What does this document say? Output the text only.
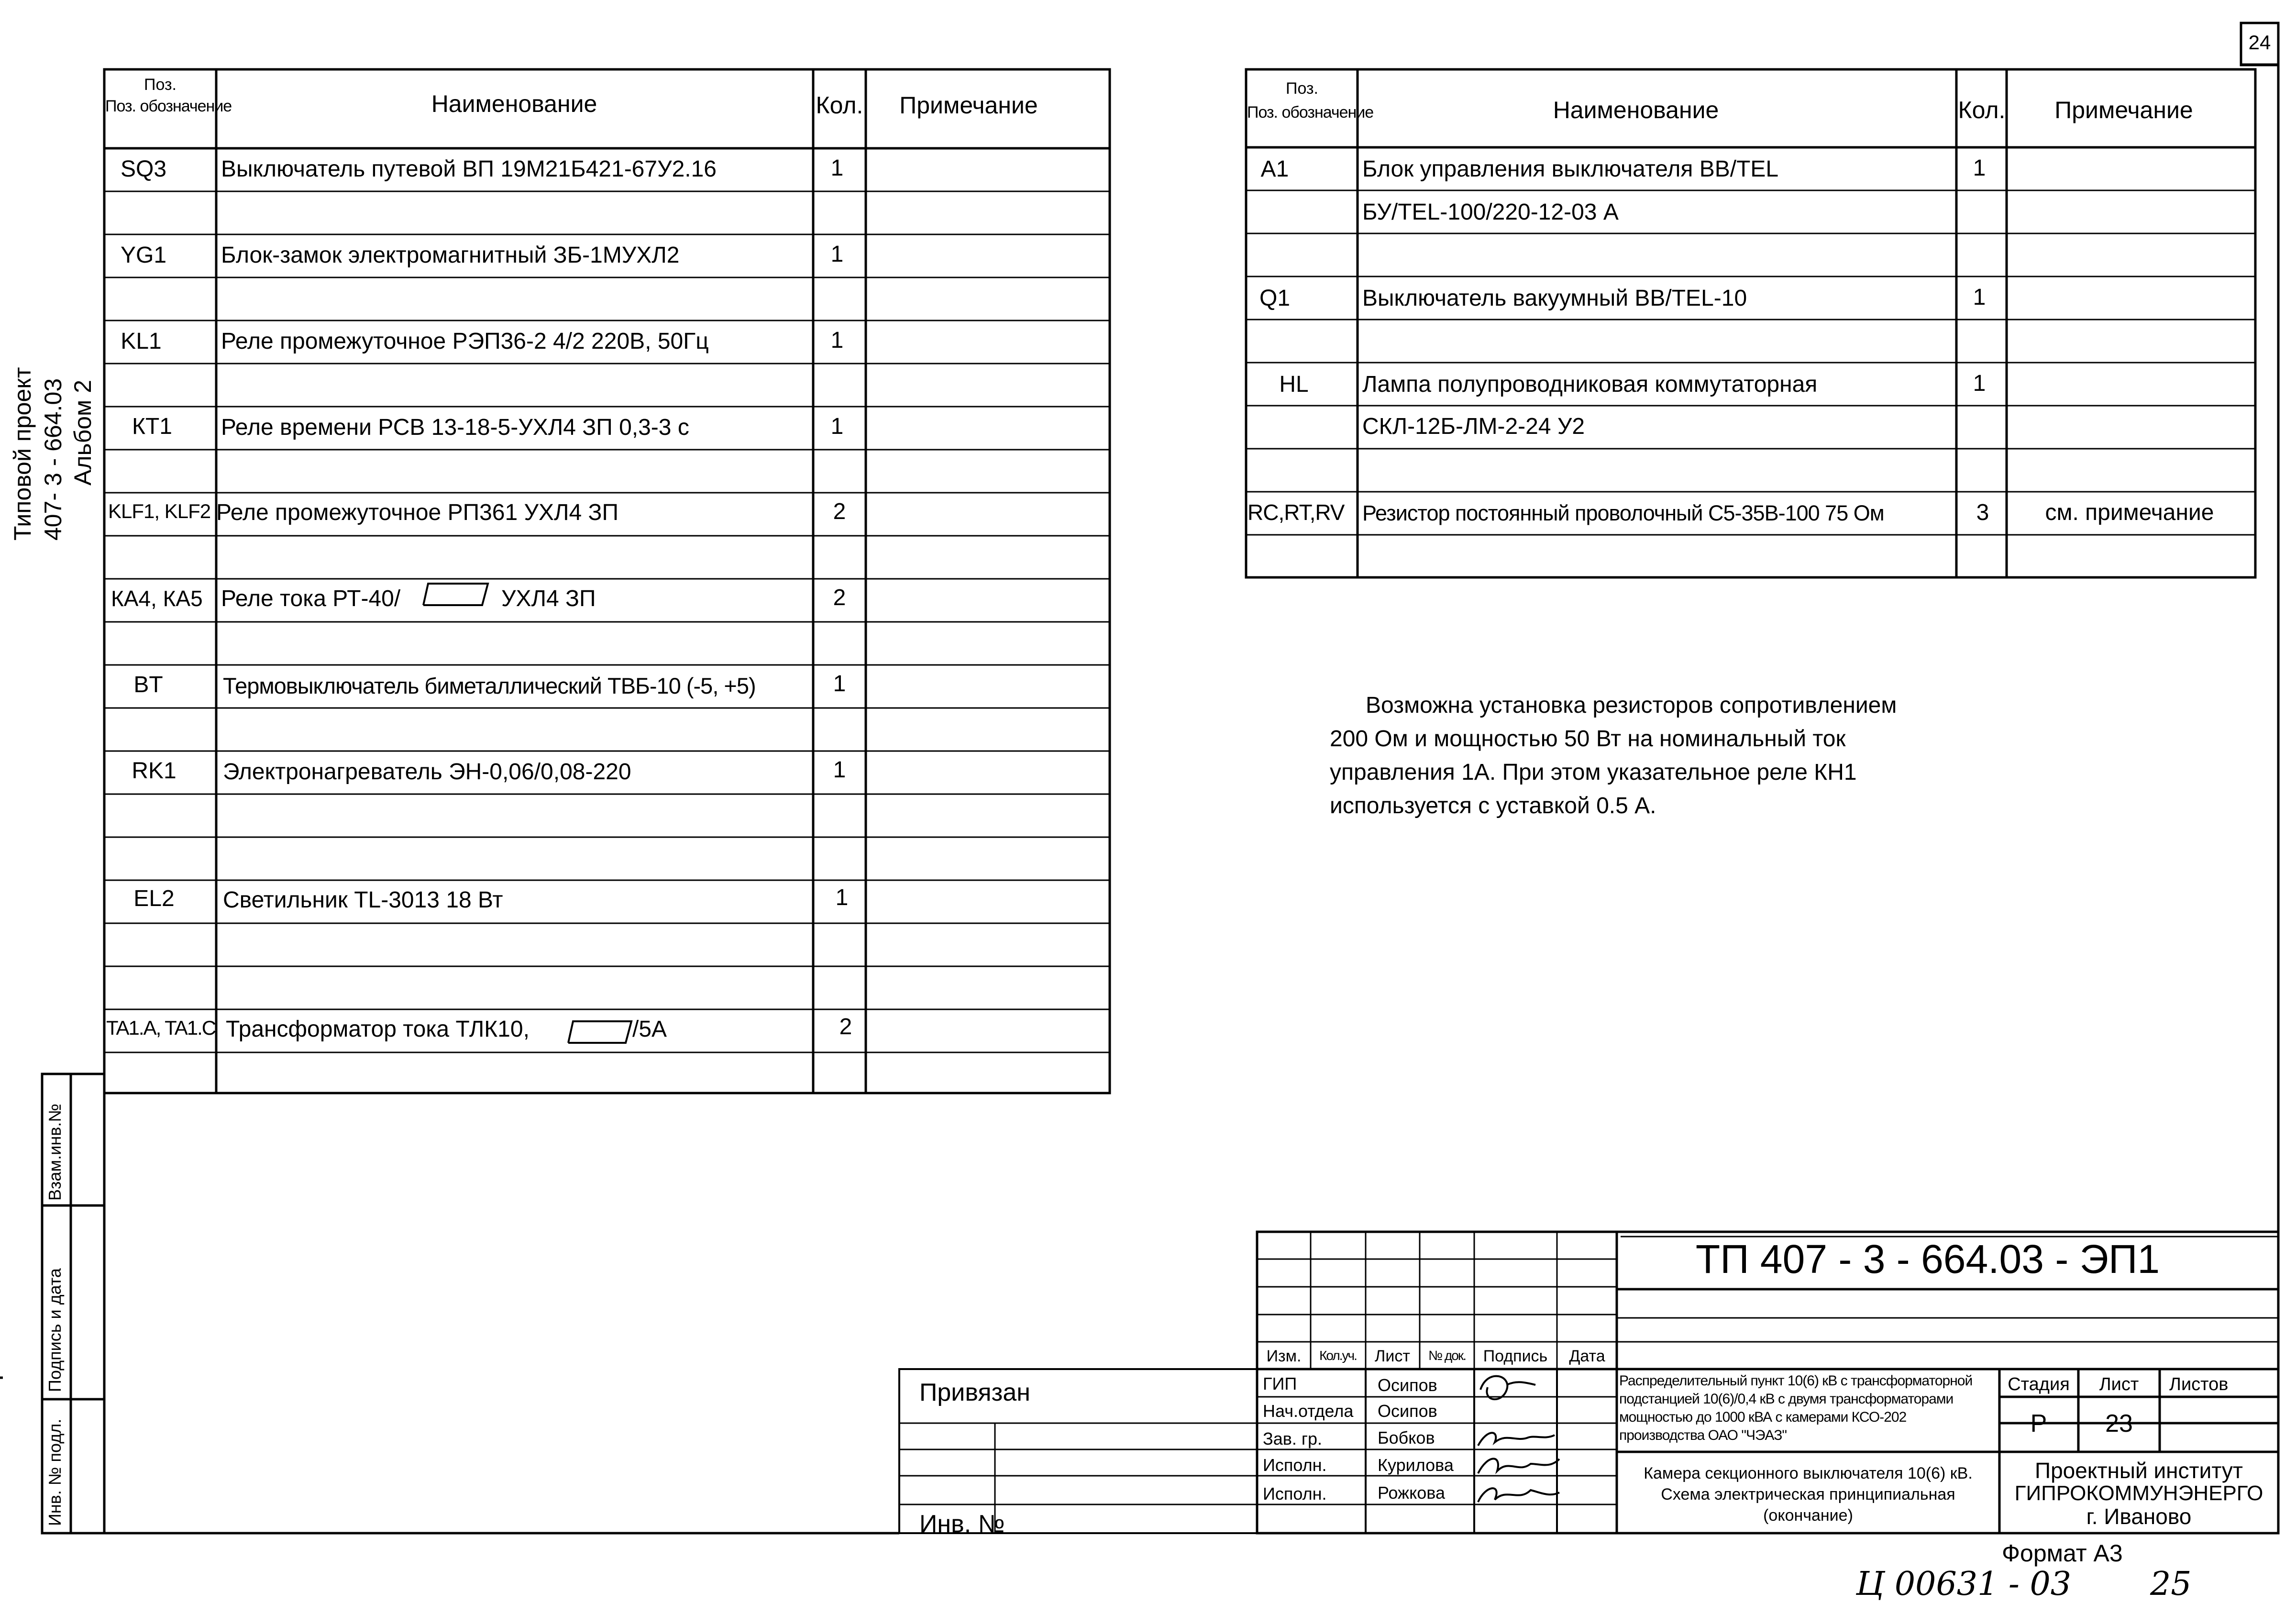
24
Типовой проект 407- 3 - 664.03 Альбом 2
Поз.
Поз. обозначение	Наименование	Кол. Примечание
SQ3 Выключатель путевой ВП 19М21Б421-67У2.16	1
YG1 Блок-замок электромагнитный ЗБ-1МУХЛ2	1
KL1	Реле промежуточное РЭП36-2 4/2 220В, 50Гц	1
КТ1 Реле времени РСВ 13-18-5-УХЛ4 ЗП 0,3-3 с	1
KLF1, KLF2 Реле промежуточное РП361 УХЛ4 ЗП	2
КА4, КА5 Реле тока РТ-40/	УХЛ4 ЗП	2
BT	Термовыключатель биметаллический ТВБ-10 (-5, +5)	1
RK1 Электронагреватель ЭН-0,06/0,08-220	1
EL2 Светильник TL-3013 18 Вт	1
TA1.A, TA1.C Трансформатор тока ТЛК10,	/5А	2
Поз.
Поз. обозначение	Наименование	Кол. Примечание
А1	Блок управления выключателя BB/TEL	1
БУ/TEL-100/220-12-03 А
Q1	Выключатель вакуумный BB/TEL-10	1
HL Лампа полупроводниковая коммутаторная	1
СКЛ-12Б-ЛМ-2-24 У2
RC,RT,RV Резистор постоянный проволочный С5-35В-100 75 Ом	3 см. примечание
Возможна установка резисторов сопротивлением
200 Ом и мощностью 50 Вт на номинальный ток
управления 1А. При этом указательное реле КН1
используется с уставкой 0.5 А.
Взам.инв.№
Подпись и дата
Инв. № подл.
Привязан
Инв. №
ТП 407 - 3 - 664.03 - ЭП1
Изм. Кол.уч. Лист № док. Подпись Дата
ГИП	Осипов
Нач.отдела Осипов
Зав. гр.	Бобков
Исполн.	Курилова
Исполн.	Рожкова
Распределительный пункт 10(6) кВ с трансформаторной
подстанцией 10(6)/0,4 кВ с двумя трансформаторами
мощностью до 1000 кВА с камерами КСО-202
производства ОАО "ЧЭАЗ"
Камера секционного выключателя 10(6) кВ.
Схема электрическая принципиальная
(окончание)
Стадия Лист Листов
Р 23
Проектный институт
ГИПРОКОММУНЭНЕРГО
г. Иваново
Формат А3
Ц 00631 - 03 25
